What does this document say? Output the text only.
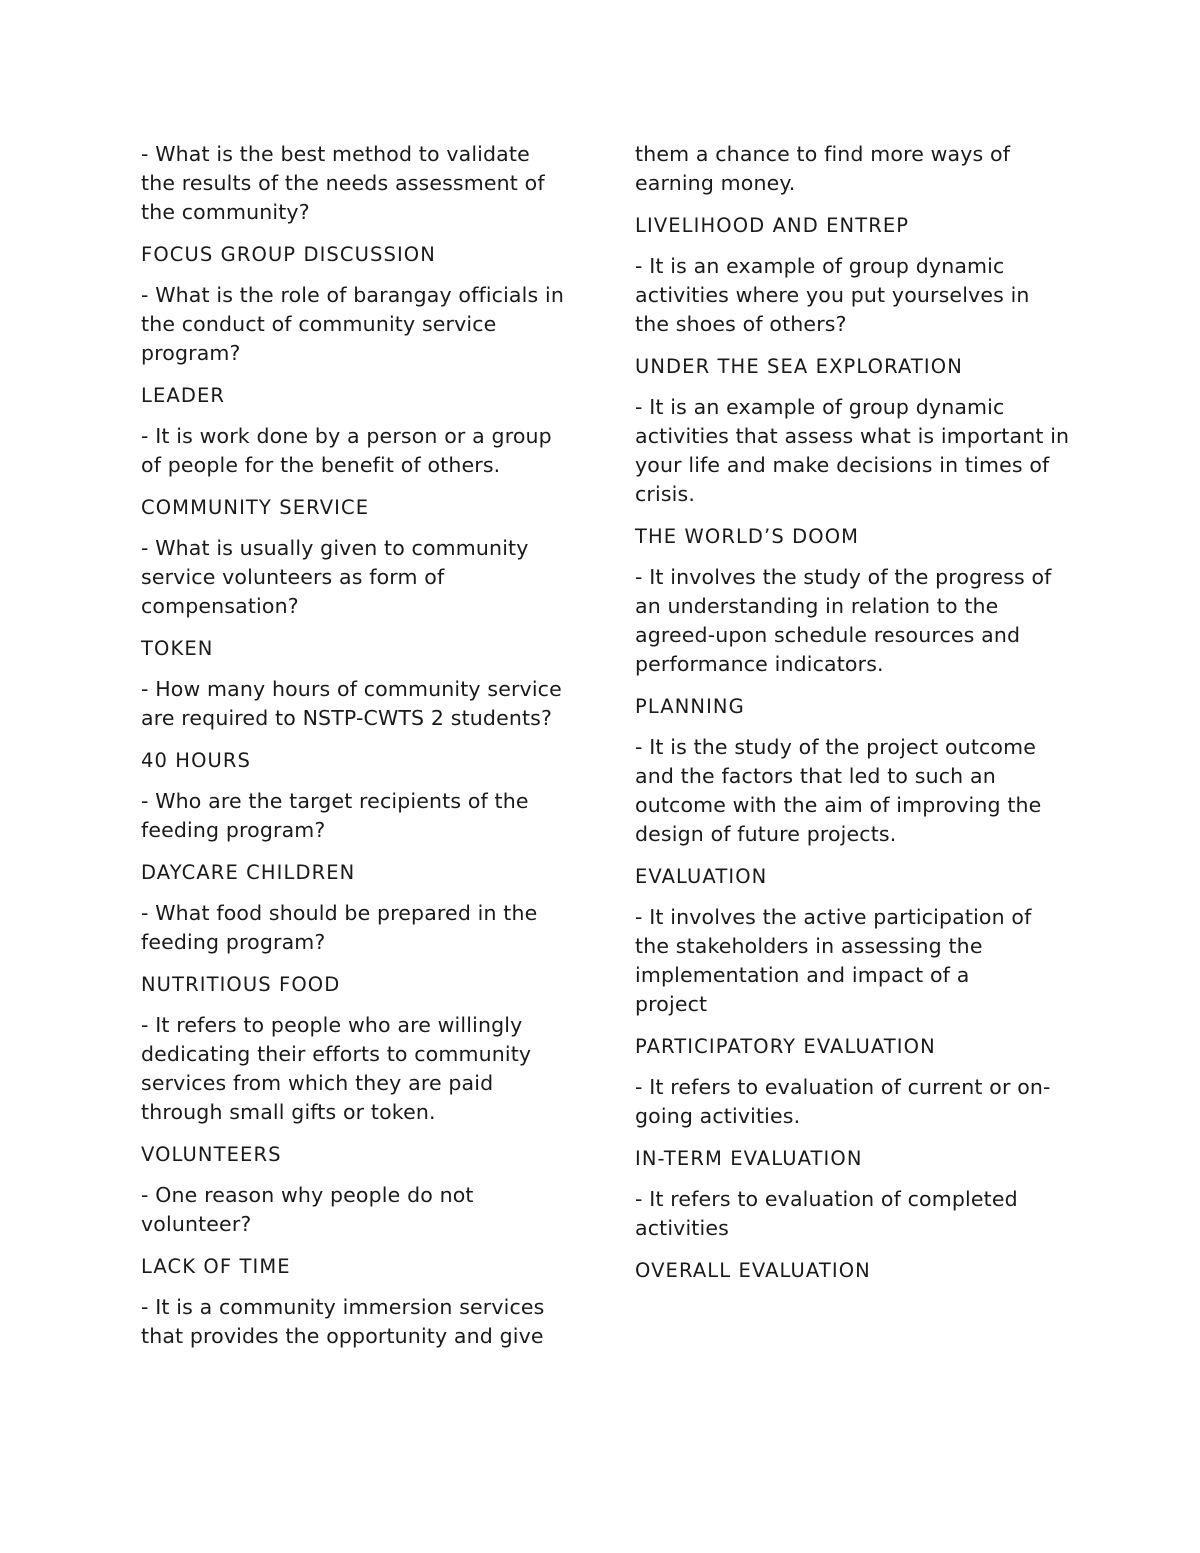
- What is the best method to validate
the results of the needs assessment of
the community?
FOCUS GROUP DISCUSSION
- What is the role of barangay officials in
the conduct of community service
program?
LEADER
- It is work done by a person or a group
of people for the benefit of others.
COMMUNITY SERVICE
- What is usually given to community
service volunteers as form of
compensation?
TOKEN
- How many hours of community service
are required to NSTP-CWTS 2 students?
40 HOURS
- Who are the target recipients of the
feeding program?
DAYCARE CHILDREN
- What food should be prepared in the
feeding program?
NUTRITIOUS FOOD
- It refers to people who are willingly
dedicating their efforts to community
services from which they are paid
through small gifts or token.
VOLUNTEERS
- One reason why people do not
volunteer?
LACK OF TIME
- It is a community immersion services
that provides the opportunity and give
them a chance to find more ways of
earning money.
LIVELIHOOD AND ENTREP
- It is an example of group dynamic
activities where you put yourselves in
the shoes of others?
UNDER THE SEA EXPLORATION
- It is an example of group dynamic
activities that assess what is important in
your life and make decisions in times of
crisis.
THE WORLD’S DOOM
- It involves the study of the progress of
an understanding in relation to the
agreed-upon schedule resources and
performance indicators.
PLANNING
- It is the study of the project outcome
and the factors that led to such an
outcome with the aim of improving the
design of future projects.
EVALUATION
- It involves the active participation of
the stakeholders in assessing the
implementation and impact of a
project
PARTICIPATORY EVALUATION
- It refers to evaluation of current or on-
going activities.
IN-TERM EVALUATION
- It refers to evaluation of completed
activities
OVERALL EVALUATION
